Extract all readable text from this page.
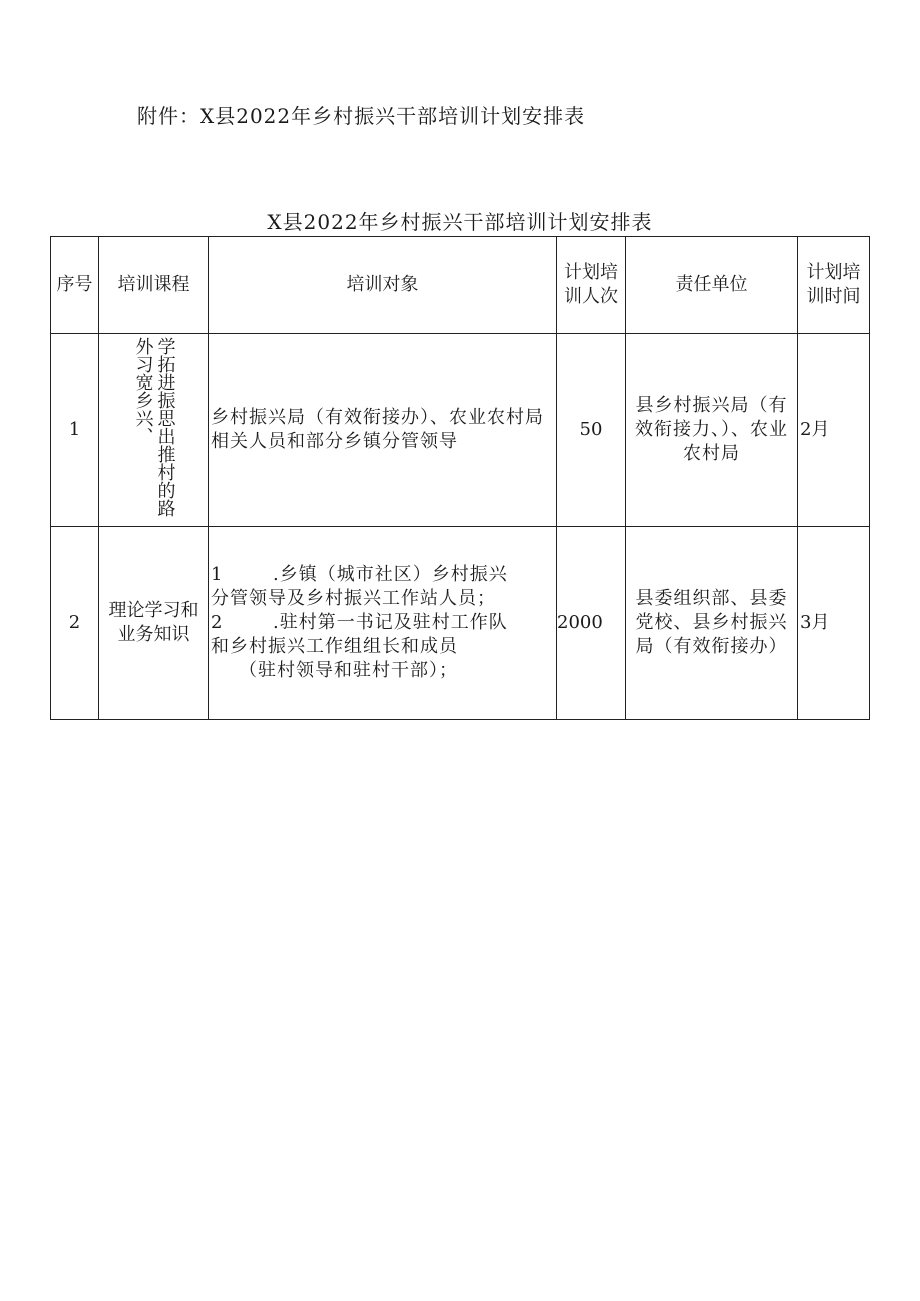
附件：X县2022年乡村振兴干部培训计划安排表
X县2022年乡村振兴干部培训计划安排表
序号	培训课程	培训对象	计划培训人次	责任单位	计划培训时间
1	学拓进振思出推村的路外习宽乡兴、	乡村振兴局（有效衔接办）、农业农村局相关人员和部分乡镇分管领导	50	县乡村振兴局（有效衔接力、）、农业农村局	2月
2	理论学习和业务知识	1 .乡镇（城市社区）乡村振兴
分管领导及乡村振兴工作站人员；
2 .驻村第一书记及驻村工作队
和乡村振兴工作组组长和成员
（驻村领导和驻村干部）；	2000	县委组织部、县委党校、县乡村振兴局（有效衔接办）	3月
